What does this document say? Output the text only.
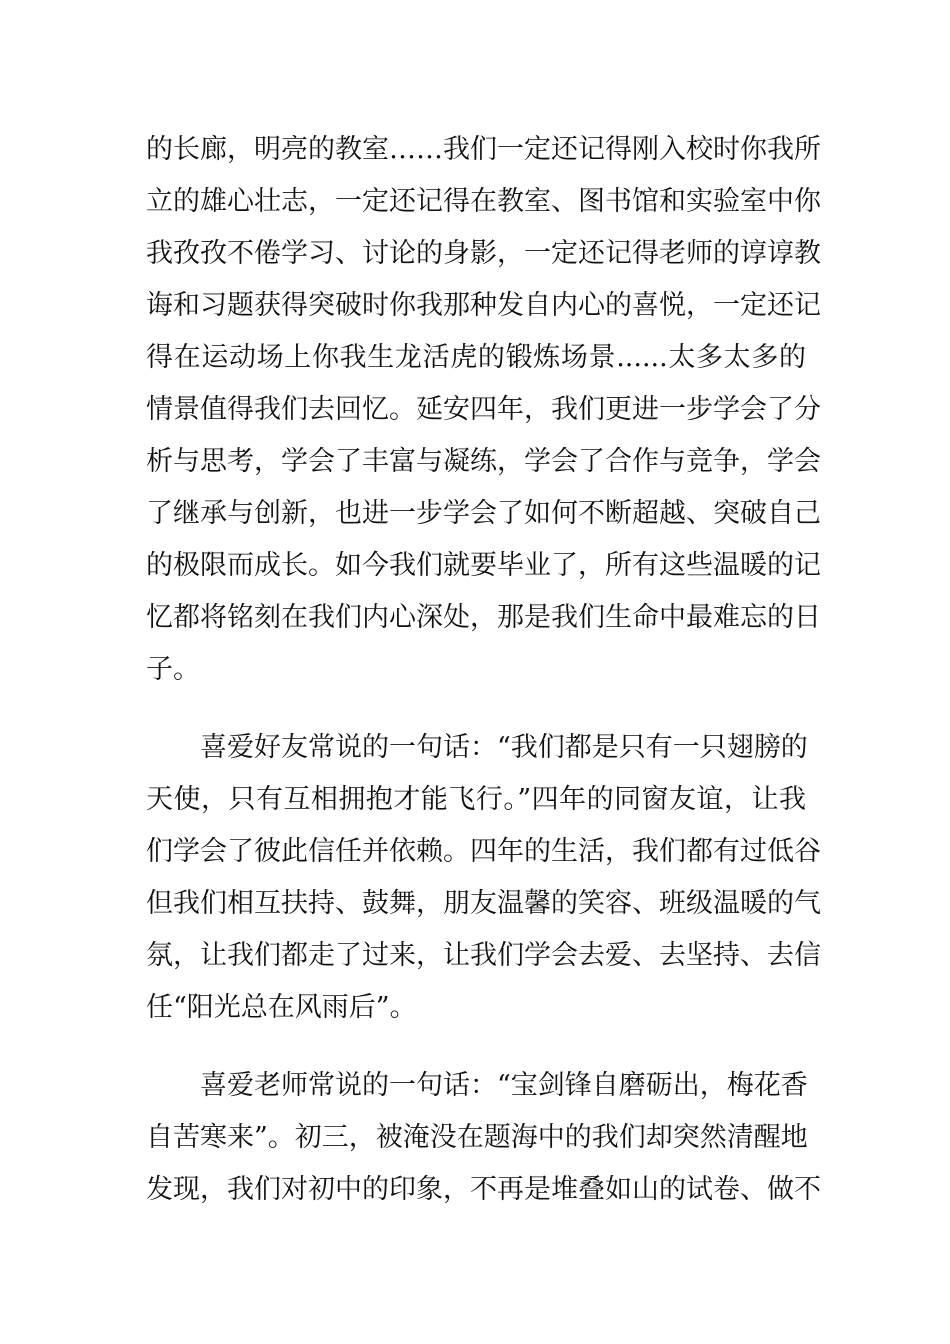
的长廊，明亮的教室……我们一定还记得刚入校时你我所
立的雄心壮志，一定还记得在教室、图书馆和实验室中你
我孜孜不倦学习、讨论的身影，一定还记得老师的谆谆教
诲和习题获得突破时你我那种发自内心的喜悦，一定还记
得在运动场上你我生龙活虎的锻炼场景......太多太多的
情景值得我们去回忆。延安四年，我们更进一步学会了分
析与思考，学会了丰富与凝练，学会了合作与竞争，学会
了继承与创新，也进一步学会了如何不断超越、突破自己
的极限而成长。如今我们就要毕业了，所有这些温暖的记
忆都将铭刻在我们内心深处，那是我们生命中最难忘的日
子。
喜爱好友常说的一句话：“我们都是只有一只翅膀的
天使，只有互相拥抱才能飞行。”四年的同窗友谊，让我
们学会了彼此信任并依赖。四年的生活，我们都有过低谷
但我们相互扶持、鼓舞，朋友温馨的笑容、班级温暖的气
氛，让我们都走了过来，让我们学会去爱、去坚持、去信
任“阳光总在风雨后”。
喜爱老师常说的一句话：“宝剑锋自磨砺出，梅花香
自苦寒来”。初三，被淹没在题海中的我们却突然清醒地
发现，我们对初中的印象，不再是堆叠如山的试卷、做不
